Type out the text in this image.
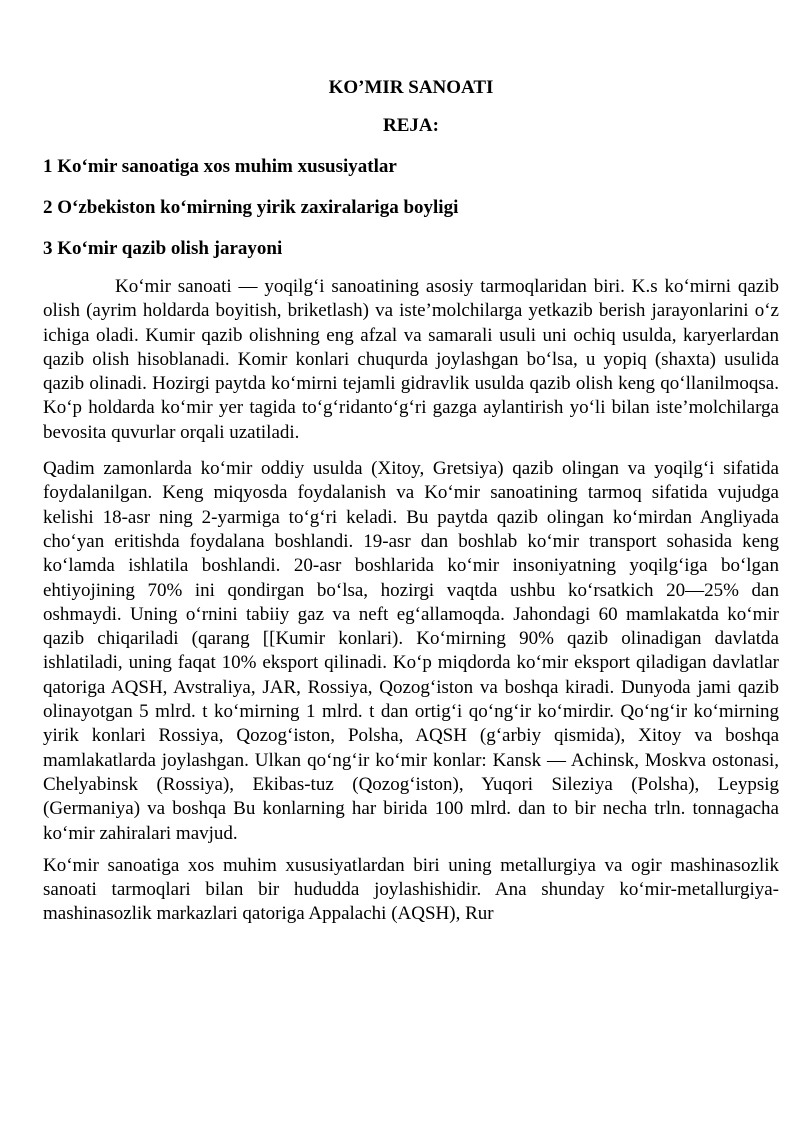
KO’MIR SANOATI
REJA:
1 Ko‘mir sanoatiga xos muhim xususiyatlar
2 O‘zbekiston ko‘mirning yirik zaxiralariga boyligi
3 Ko‘mir qazib olish jarayoni

Ko‘mir sanoati — yoqilg‘i sanoatining asosiy tarmoqlaridan biri. K.s ko‘mirni qazib olish (ayrim holdarda boyitish, briketlash) va iste’molchilarga yetkazib berish jarayonlarini o‘z ichiga oladi. Kumir qazib olishning eng afzal va samarali usuli uni ochiq usulda, karyerlardan qazib olish hisoblanadi. Komir konlari chuqurda joylashgan bo‘lsa, u yopiq (shaxta) usulida qazib olinadi. Hozirgi paytda ko‘mirni tejamli gidravlik usulda qazib olish keng qo‘llanilmoqsa. Ko‘p holdarda ko‘mir yer tagida to‘g‘ridanto‘g‘ri gazga aylantirish yo‘li bilan iste’molchilarga bevosita quvurlar orqali uzatiladi.

Qadim zamonlarda ko‘mir oddiy usulda (Xitoy, Gretsiya) qazib olingan va yoqilg‘i sifatida foydalanilgan. Keng miqyosda foydalanish va Ko‘mir sanoatining tarmoq sifatida vujudga kelishi 18-asr ning 2-yarmiga to‘g‘ri keladi. Bu paytda qazib olingan ko‘mirdan Angliyada cho‘yan eritishda foydalana boshlandi. 19-asr dan boshlab ko‘mir transport sohasida keng ko‘lamda ishlatila boshlandi. 20-asr boshlarida ko‘mir insoniyatning yoqilg‘iga bo‘lgan ehtiyojining 70% ini qondirgan bo‘lsa, hozirgi vaqtda ushbu ko‘rsatkich 20—25% dan oshmaydi. Uning o‘rnini tabiiy gaz va neft eg‘allamoqda. Jahondagi 60 mamlakatda ko‘mir qazib chiqariladi (qarang [[Kumir konlari). Ko‘mirning 90% qazib olinadigan davlatda ishlatiladi, uning faqat 10% eksport qilinadi. Ko‘p miqdorda ko‘mir eksport qiladigan davlatlar qatoriga AQSH, Avstraliya, JAR, Rossiya, Qozog‘iston va boshqa kiradi. Dunyoda jami qazib olinayotgan 5 mlrd. t ko‘mirning 1 mlrd. t dan ortig‘i qo‘ng‘ir ko‘mirdir. Qo‘ng‘ir ko‘mirning yirik konlari Rossiya, Qozog‘iston, Polsha, AQSH (g‘arbiy qismida), Xitoy va boshqa mamlakatlarda joylashgan. Ulkan qo‘ng‘ir ko‘mir konlar: Kansk — Achinsk, Moskva ostonasi, Chelyabinsk (Rossiya), Ekibas-tuz (Qozog‘iston), Yuqori Sileziya (Polsha), Leypsig (Germaniya) va boshqa Bu konlarning har birida 100 mlrd. dan to bir necha trln. tonnagacha ko‘mir zahiralari mavjud.

Ko‘mir sanoatiga xos muhim xususiyatlardan biri uning metallurgiya va ogir mashinasozlik sanoati tarmoqlari bilan bir hududda joylashishidir. Ana shunday ko‘mir-metallurgiya-mashinasozlik markazlari qatoriga Appalachi (AQSH), Rur
